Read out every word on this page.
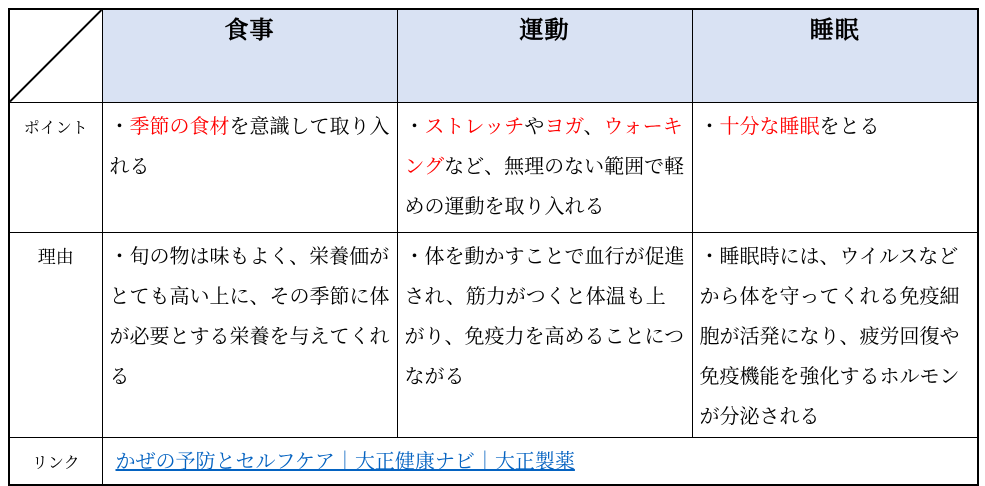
	食事	運動	睡眠
ポイント	・季節の食材を意識して取り入れる	・ストレッチやヨガ、ウォーキングなど、無理のない範囲で軽めの運動を取り入れる	・十分な睡眠をとる
理由	・旬の物は味もよく、栄養価がとても高い上に、その季節に体が必要とする栄養を与えてくれる	・体を動かすことで血行が促進され、筋力がつくと体温も上がり、免疫力を高めることにつながる	・睡眠時には、ウイルスなどから体を守ってくれる免疫細胞が活発になり、疲労回復や免疫機能を強化するホルモンが分泌される
リンク	かぜの予防とセルフケア｜大正健康ナビ｜大正製薬		
